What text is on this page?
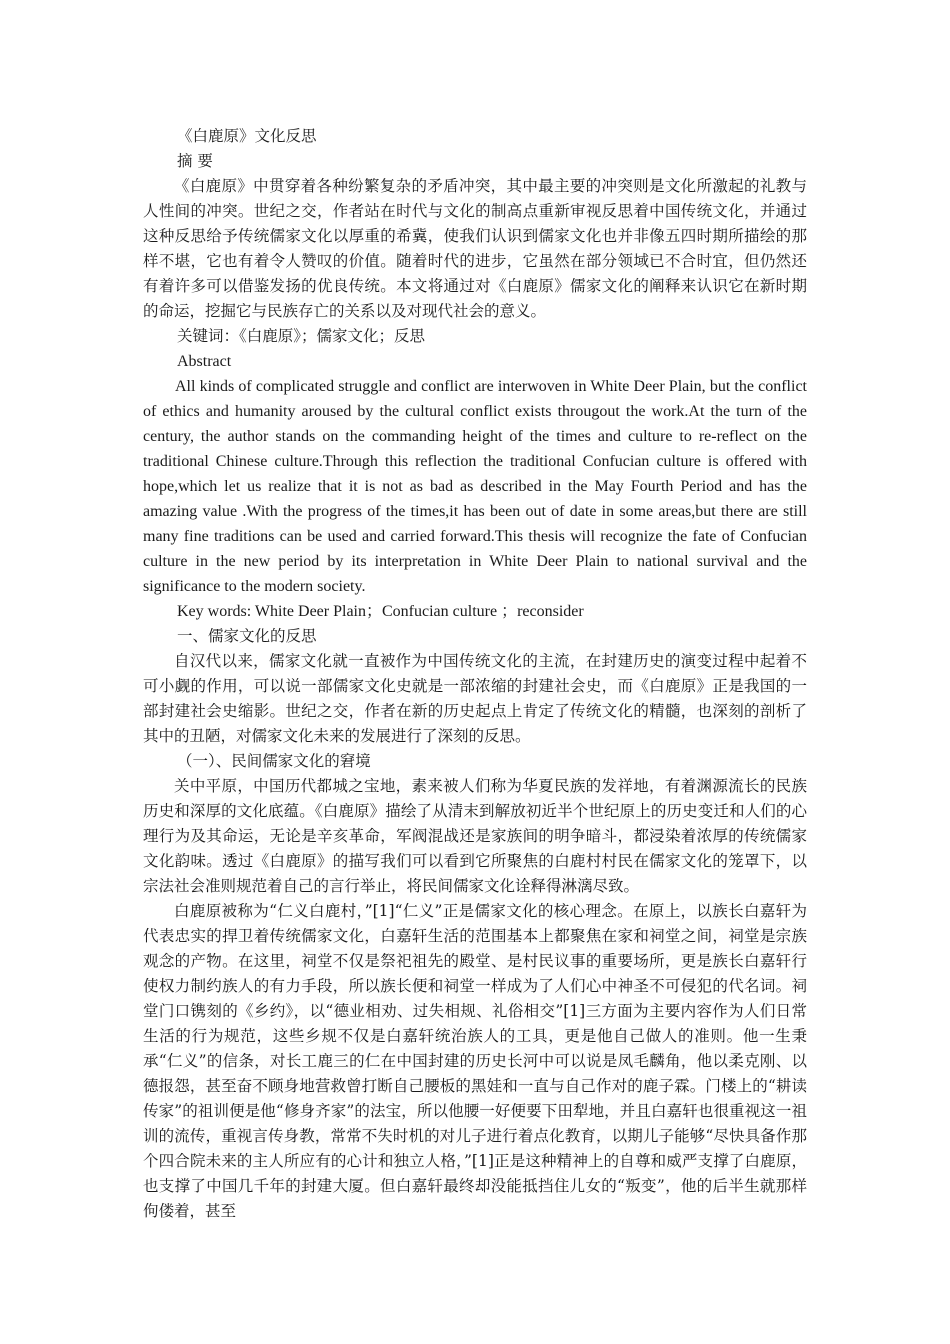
《白鹿原》文化反思

摘 要

《白鹿原》中贯穿着各种纷繁复杂的矛盾冲突，其中最主要的冲突则是文化所激起的礼教与人性间的冲突。世纪之交，作者站在时代与文化的制高点重新审视反思着中国传统文化，并通过这种反思给予传统儒家文化以厚重的希冀，使我们认识到儒家文化也并非像五四时期所描绘的那样不堪，它也有着令人赞叹的价值。随着时代的进步，它虽然在部分领域已不合时宜，但仍然还有着许多可以借鉴发扬的优良传统。本文将通过对《白鹿原》儒家文化的阐释来认识它在新时期的命运，挖掘它与民族存亡的关系以及对现代社会的意义。

关键词：《白鹿原》；儒家文化；反思

Abstract

All kinds of complicated struggle and conflict are interwoven in White Deer Plain, but the conflict of ethics and humanity aroused by the cultural conflict exists througout the work.At the turn of the century, the author stands on the commanding height of the times and culture to re-reflect on the traditional Chinese culture.Through this reflection the traditional Confucian culture is offered with hope,which let us realize that it is not as bad as described in the May Fourth Period and has the amazing value .With the progress of the times,it has been out of date in some areas,but there are still many fine traditions can be used and carried forward.This thesis will recognize the fate of Confucian culture in the new period by its interpretation in White Deer Plain to national survival and the significance to the modern society.

Key words: White Deer Plain；Confucian culture ；reconsider

一、儒家文化的反思

自汉代以来，儒家文化就一直被作为中国传统文化的主流，在封建历史的演变过程中起着不可小觑的作用，可以说一部儒家文化史就是一部浓缩的封建社会史，而《白鹿原》正是我国的一部封建社会史缩影。世纪之交，作者在新的历史起点上肯定了传统文化的精髓，也深刻的剖析了其中的丑陋，对儒家文化未来的发展进行了深刻的反思。

（一）、民间儒家文化的窘境

关中平原，中国历代都城之宝地，素来被人们称为华夏民族的发祥地，有着渊源流长的民族历史和深厚的文化底蕴。《白鹿原》描绘了从清末到解放初近半个世纪原上的历史变迁和人们的心理行为及其命运，无论是辛亥革命，军阀混战还是家族间的明争暗斗，都浸染着浓厚的传统儒家文化韵味。透过《白鹿原》的描写我们可以看到它所聚焦的白鹿村村民在儒家文化的笼罩下，以宗法社会准则规范着自己的言行举止，将民间儒家文化诠释得淋漓尽致。

白鹿原被称为“仁义白鹿村，”[1]“仁义”正是儒家文化的核心理念。在原上，以族长白嘉轩为代表忠实的捍卫着传统儒家文化，白嘉轩生活的范围基本上都聚焦在家和祠堂之间，祠堂是宗族观念的产物。在这里，祠堂不仅是祭祀祖先的殿堂、是村民议事的重要场所，更是族长白嘉轩行使权力制约族人的有力手段，所以族长便和祠堂一样成为了人们心中神圣不可侵犯的代名词。祠堂门口镌刻的《乡约》，以“德业相劝、过失相规、礼俗相交”[1]三方面为主要内容作为人们日常生活的行为规范，这些乡规不仅是白嘉轩统治族人的工具，更是他自己做人的准则。他一生秉承“仁义”的信条，对长工鹿三的仁在中国封建的历史长河中可以说是凤毛麟角，他以柔克刚、以德报怨，甚至奋不顾身地营救曾打断自己腰板的黑娃和一直与自己作对的鹿子霖。门楼上的“耕读传家”的祖训便是他“修身齐家”的法宝，所以他腰一好便要下田犁地，并且白嘉轩也很重视这一祖训的流传，重视言传身教，常常不失时机的对儿子进行着点化教育，以期儿子能够“尽快具备作那个四合院未来的主人所应有的心计和独立人格，”[1]正是这种精神上的自尊和威严支撑了白鹿原，也支撑了中国几千年的封建大厦。但白嘉轩最终却没能抵挡住儿女的“叛变”，他的后半生就那样佝偻着，甚至
